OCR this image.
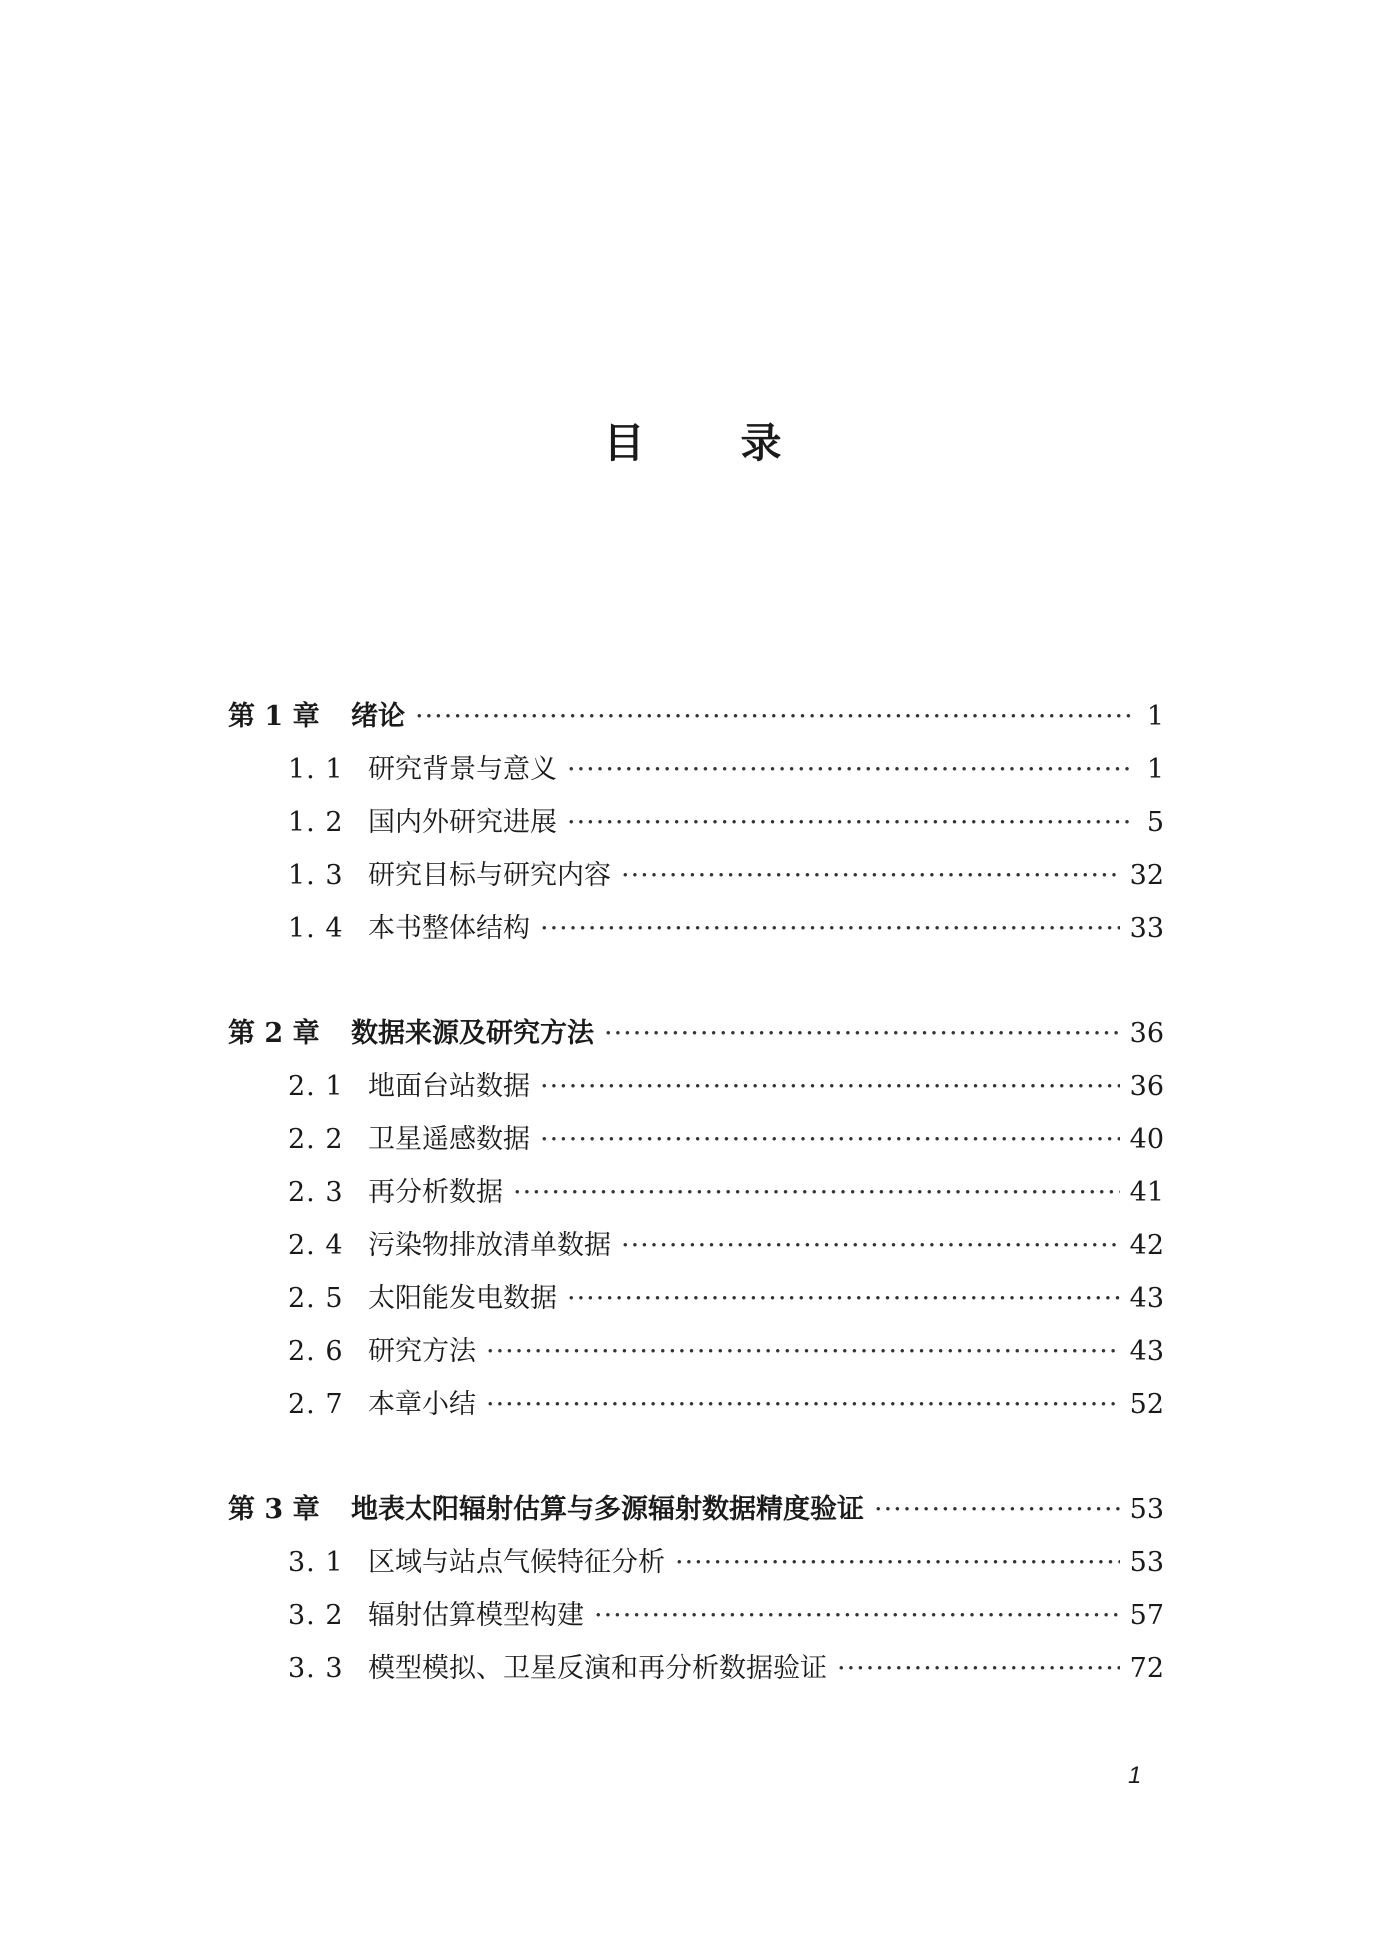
目 录
第 1 章	绪论 ·····	1
1. 1 研究背景与意义 ·····	1
1. 2 国内外研究进展 ·····	5
1. 3 研究目标与研究内容 ·····	32
1. 4 本书整体结构 ·····	33
第 2 章	数据来源及研究方法 ·····	36
2. 1 地面台站数据 ·····	36
2. 2 卫星遥感数据 ·····	40
2. 3 再分析数据 ·····	41
2. 4 污染物排放清单数据 ·····	42
2. 5 太阳能发电数据 ·····	43
2. 6 研究方法 ·····	43
2. 7 本章小结 ·····	52
第 3 章	地表太阳辐射估算与多源辐射数据精度验证 ·····	53
3. 1 区域与站点气候特征分析 ·····	53
3. 2 辐射估算模型构建 ·····	57
3. 3 模型模拟、卫星反演和再分析数据验证 ·····	72
1
